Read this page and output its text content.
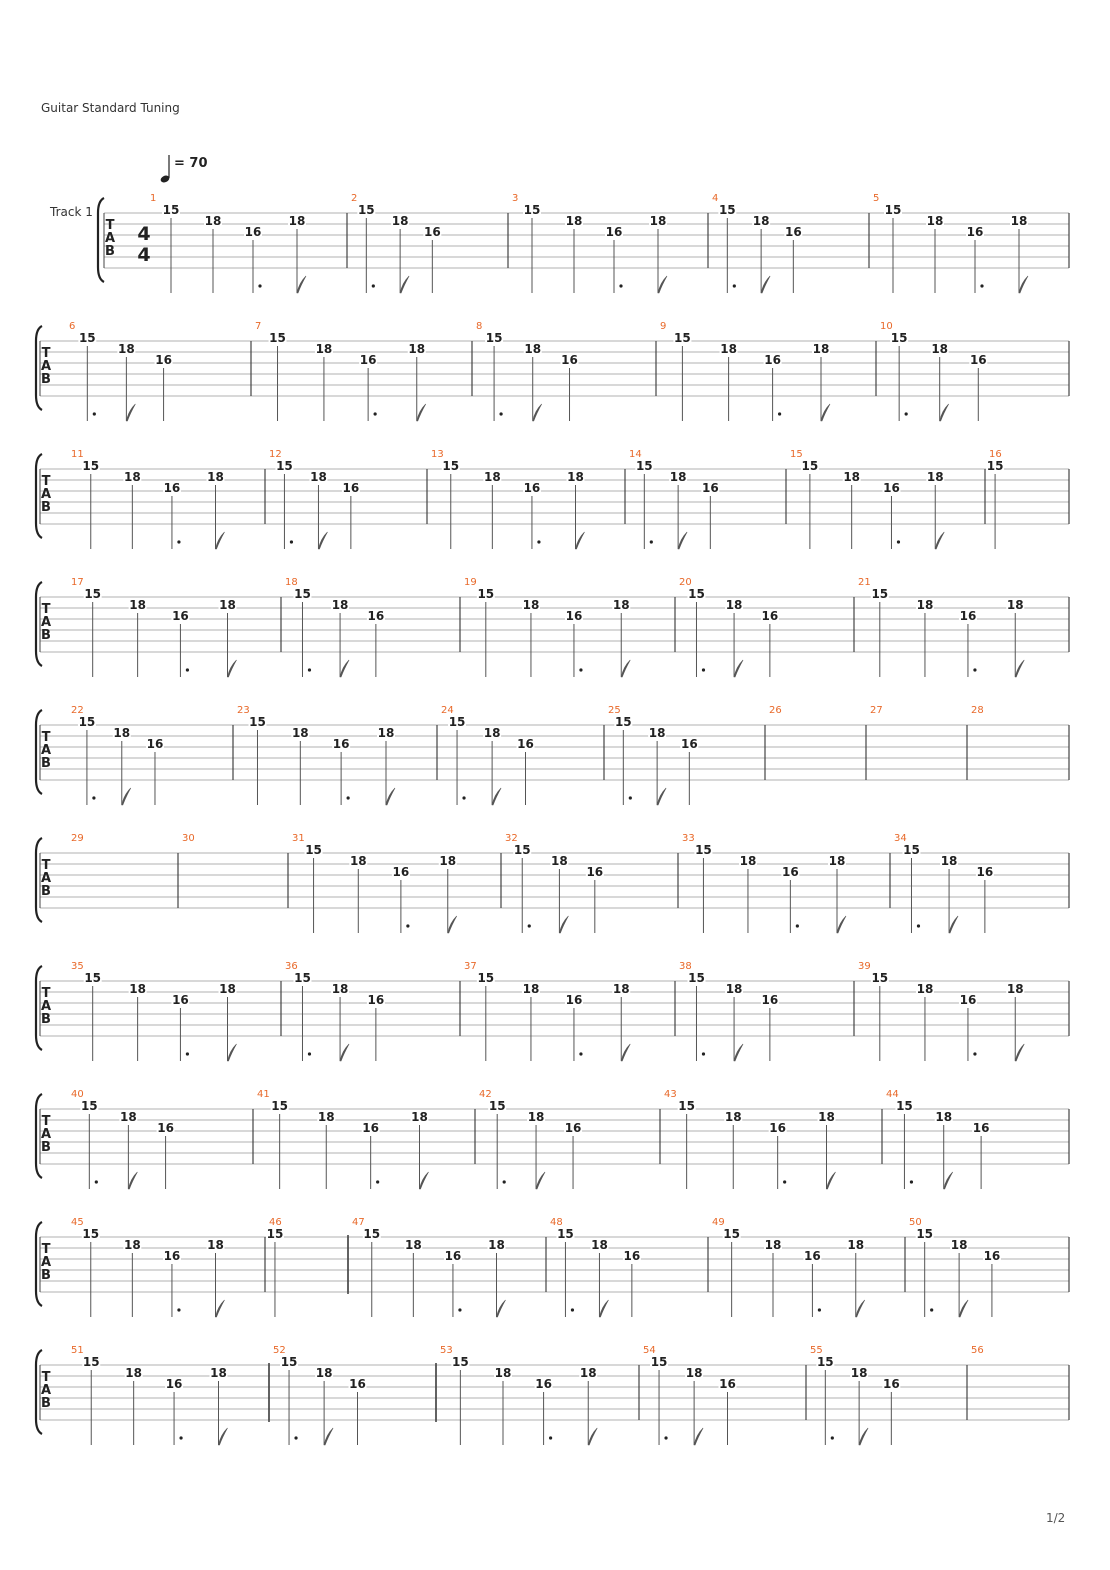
Guitar Standard Tuning
= 70
Track 1
T
A
B
4
4
1
15
18
16
18
2
15
18
16
3
15
18
16
18
4
15
18
16
5
15
18
16
18
T
A
B
6
15
18
16
7
15
18
16
18
8
15
18
16
9
15
18
16
18
10
15
18
16
T
A
B
11
15
18
16
18
12
15
18
16
13
15
18
16
18
14
15
18
16
15
15
18
16
18
16
15
T
A
B
17
15
18
16
18
18
15
18
16
19
15
18
16
18
20
15
18
16
21
15
18
16
18
T
A
B
22
15
18
16
23
15
18
16
18
24
15
18
16
25
15
18
16
26	27	28
T
A
B
29	30	31
15
18
16
18
32
15
18
16
33
15
18
16
18
34
15
18
16
T
A
B
35
15
18
16
18
36
15
18
16
37
15
18
16
18
38
15
18
16
39
15
18
16
18
T
A
B
40
15
18
16
41
15
18
16
18
42
15
18
16
43
15
18
16
18
44
15
18
16
T
A
B
45
15
18
16
18
46
15
47
15
18
16
18
48
15
18
16
49
15
18
16
18
50
15
18
16
T
A
B
51
15
18
16
18
52
15
18
16
53
15
18
16
18
54
15
18
16
55
15
18
16
56
1/2
